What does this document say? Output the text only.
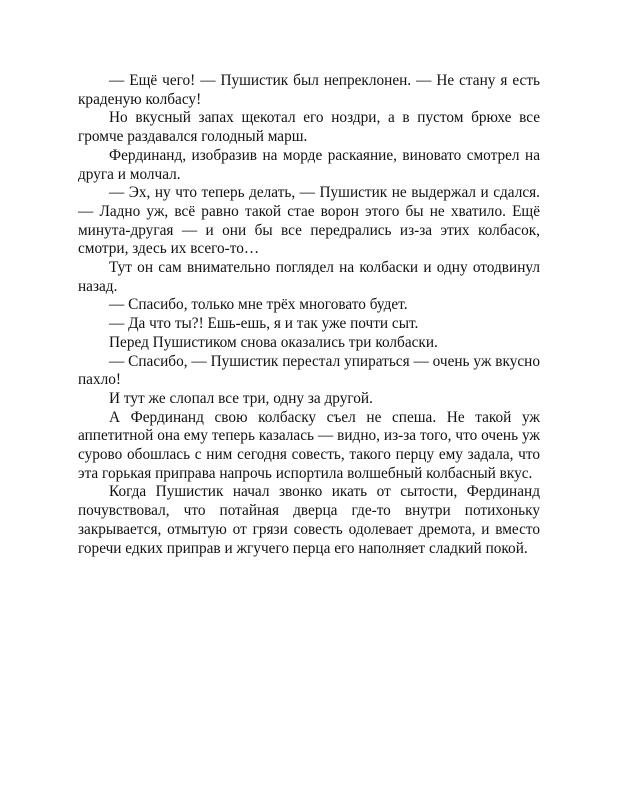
— Ещё чего! — Пушистик был непреклонен. — Не стану я есть краденую колбасу!

Но вкусный запах щекотал его ноздри, а в пустом брюхе все громче раздавался голодный марш.

Фердинанд, изобразив на морде раскаяние, виновато смотрел на друга и молчал.

— Эх, ну что теперь делать, — Пушистик не выдержал и сдался. — Ладно уж, всё равно такой стае ворон этого бы не хватило. Ещё минута-другая — и они бы все передрались из-за этих колбасок, смотри, здесь их всего-то…

Тут он сам внимательно поглядел на колбаски и одну отодвинул назад.

— Спасибо, только мне трёх многовато будет.

— Да что ты?! Ешь-ешь, я и так уже почти сыт.

Перед Пушистиком снова оказались три колбаски.

— Спасибо, — Пушистик перестал упираться — очень уж вкусно пахло!

И тут же слопал все три, одну за другой.

А Фердинанд свою колбаску съел не спеша. Не такой уж аппетитной она ему теперь казалась — видно, из-за того, что очень уж сурово обошлась с ним сегодня совесть, такого перцу ему задала, что эта горькая приправа напрочь испортила волшебный колбасный вкус.

Когда Пушистик начал звонко икать от сытости, Фердинанд почувствовал, что потайная дверца где-то внутри потихоньку закрывается, отмытую от грязи совесть одолевает дремота, и вместо горечи едких приправ и жгучего перца его наполняет сладкий покой.
